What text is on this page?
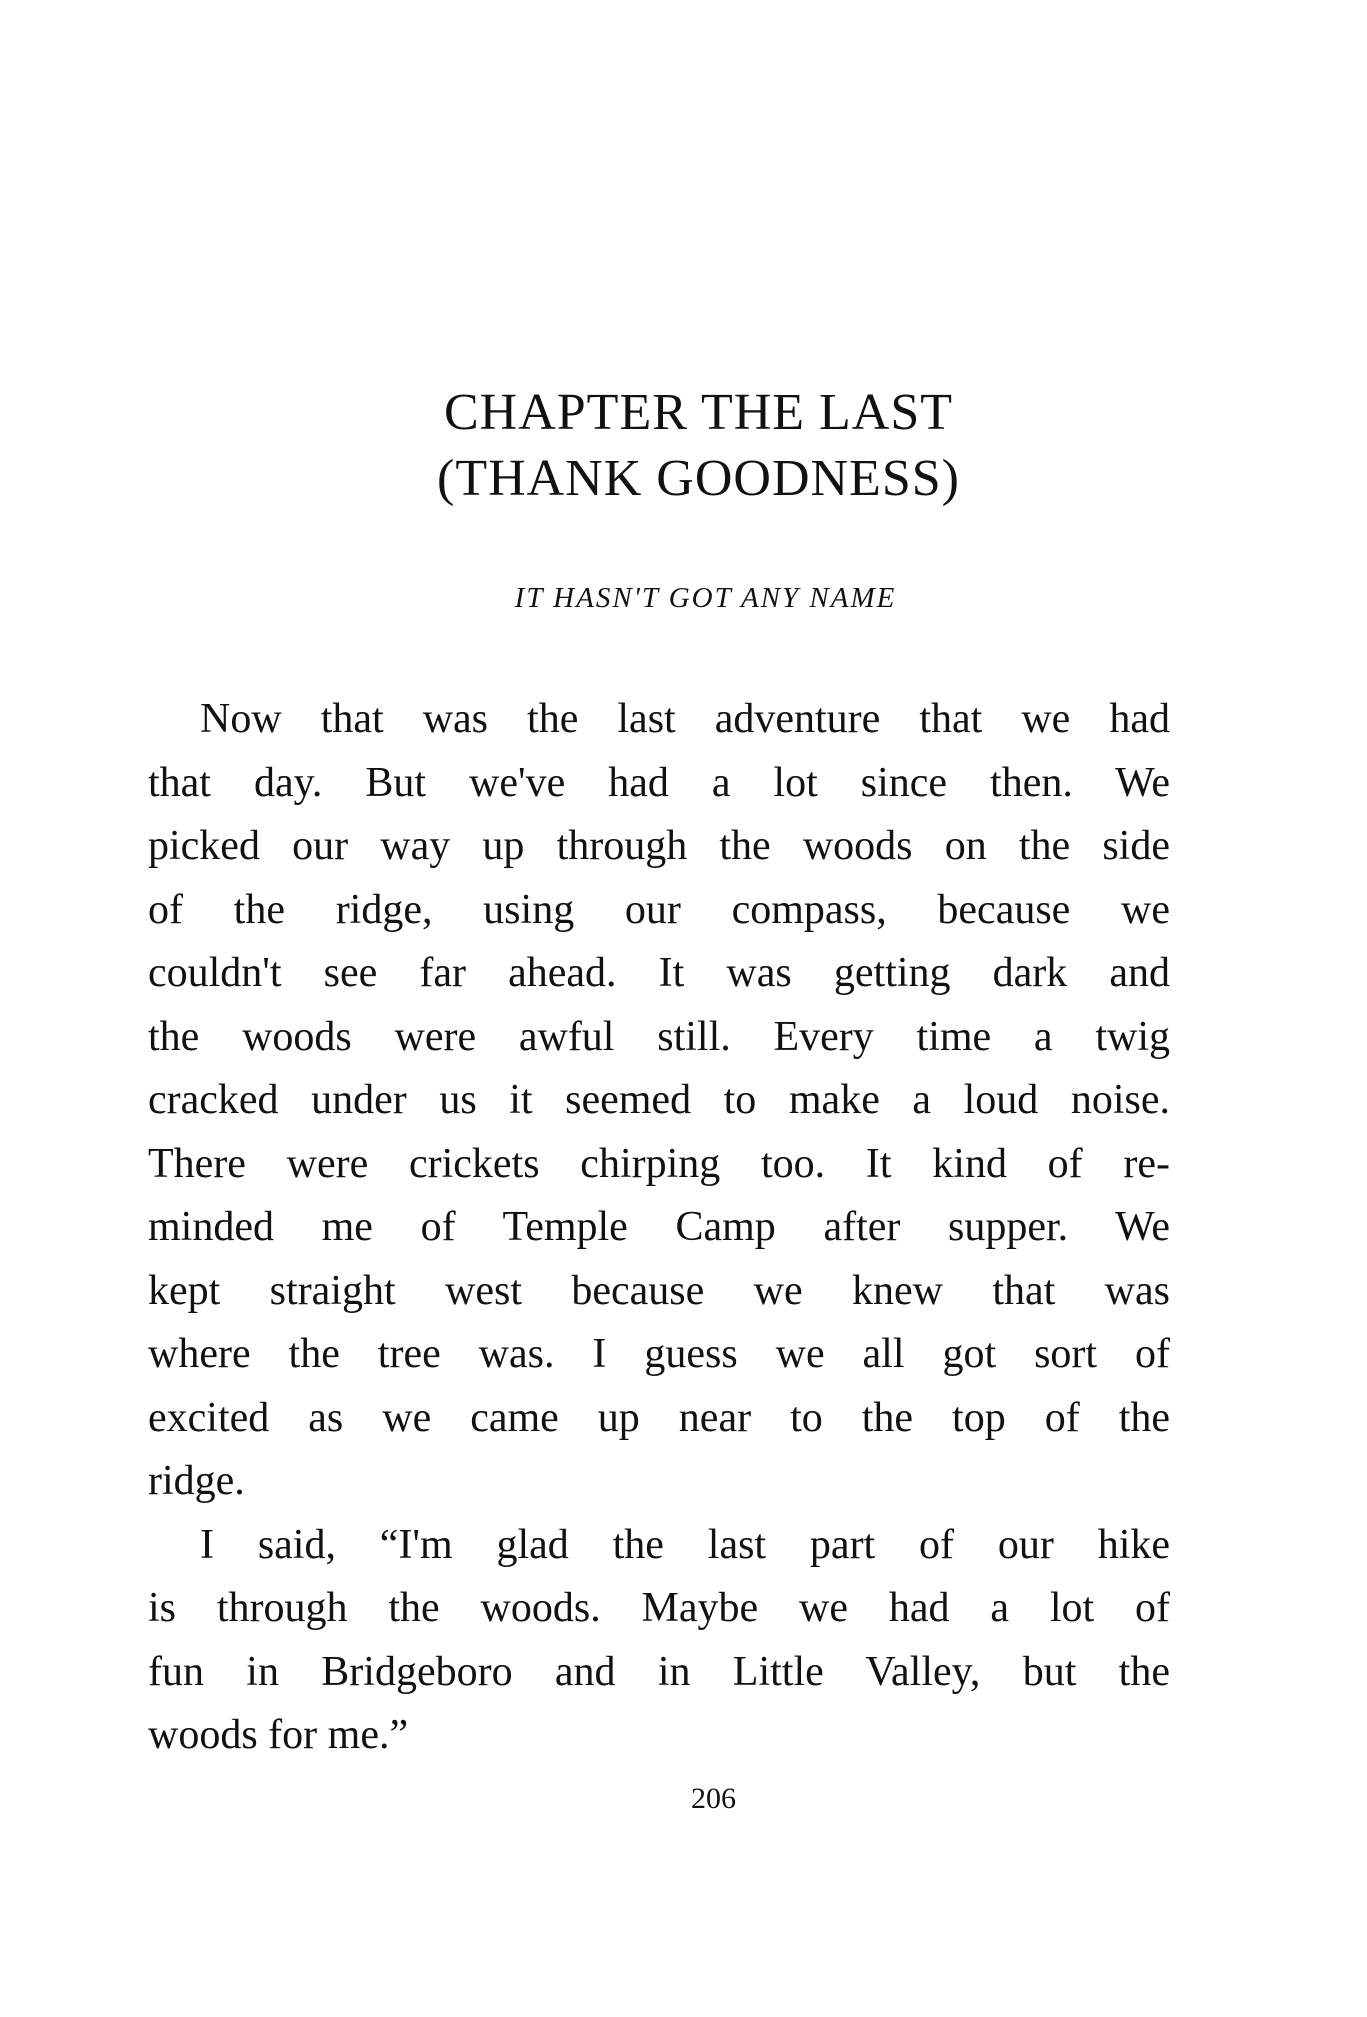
CHAPTER THE LAST
(THANK GOODNESS)
IT HASN'T GOT ANY NAME

Now that was the last adventure that we had
that day. But we've had a lot since then. We
picked our way up through the woods on the side
of the ridge, using our compass, because we
couldn't see far ahead. It was getting dark and
the woods were awful still. Every time a twig
cracked under us it seemed to make a loud noise.
There were crickets chirping too. It kind of re-
minded me of Temple Camp after supper. We
kept straight west because we knew that was
where the tree was. I guess we all got sort of
excited as we came up near to the top of the
ridge.

I said, “I'm glad the last part of our hike
is through the woods. Maybe we had a lot of
fun in Bridgeboro and in Little Valley, but the
woods for me.”

206
